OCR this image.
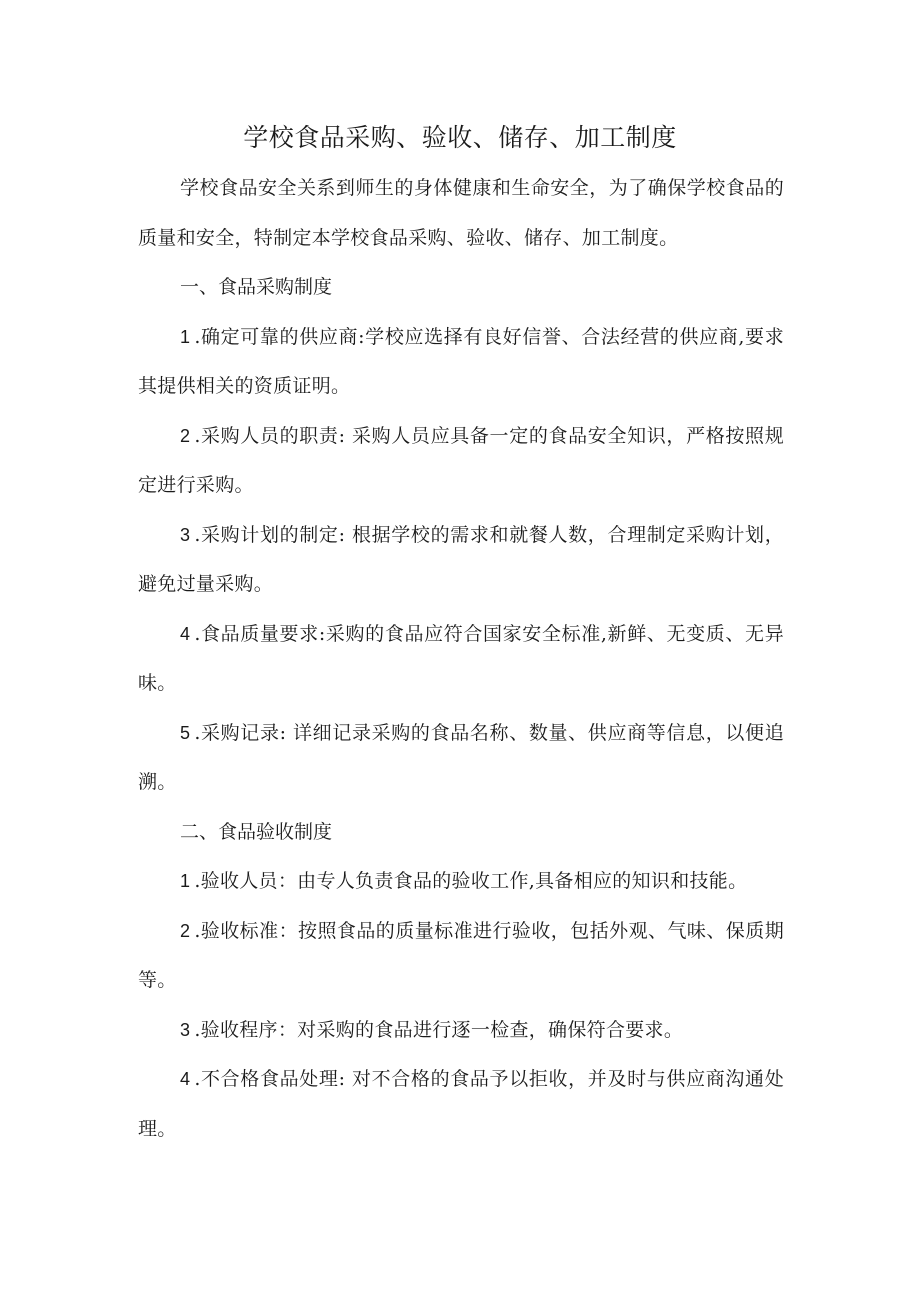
学校食品采购、验收、储存、加工制度

学校食品安全关系到师生的身体健康和生命安全，为了确保学校食品的质量和安全，特制定本学校食品采购、验收、储存、加工制度。

一、食品采购制度

1 .确定可靠的供应商:学校应选择有良好信誉、合法经营的供应商,要求其提供相关的资质证明。

2 .采购人员的职责: 采购人员应具备一定的食品安全知识，严格按照规定进行采购。

3 .采购计划的制定: 根据学校的需求和就餐人数，合理制定采购计划，避免过量采购。

4 .食品质量要求:采购的食品应符合国家安全标准,新鲜、无变质、无异味。

5 .采购记录: 详细记录采购的食品名称、数量、供应商等信息，以便追溯。

二、食品验收制度

1 .验收人员：由专人负责食品的验收工作,具备相应的知识和技能。

2 .验收标准：按照食品的质量标准进行验收，包括外观、气味、保质期等。

3 .验收程序：对采购的食品进行逐一检查，确保符合要求。

4 .不合格食品处理: 对不合格的食品予以拒收，并及时与供应商沟通处理。
